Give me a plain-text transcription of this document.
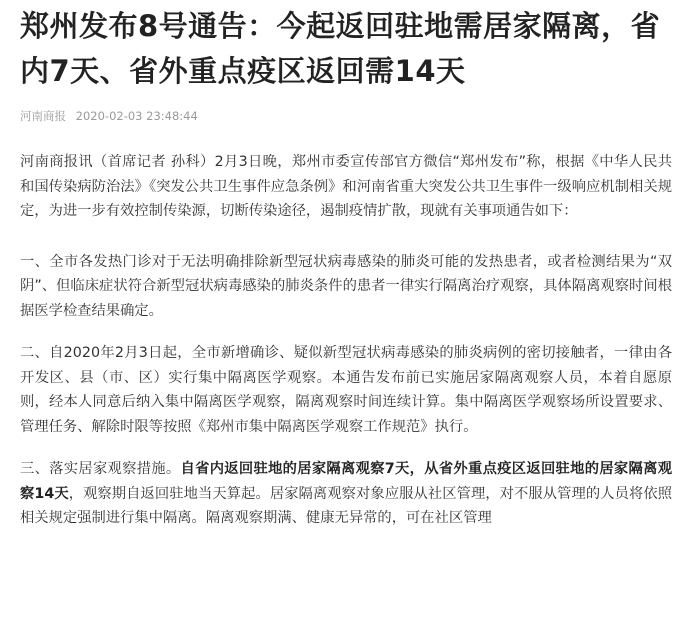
郑州发布8号通告：今起返回驻地需居家隔离，省内7天、省外重点疫区返回需14天
河南商报 2020-02-03 23:48:44

河南商报讯（首席记者 孙科）2月3日晚，郑州市委宣传部官方微信“郑州发布”称，根据《中华人民共和国传染病防治法》《突发公共卫生事件应急条例》和河南省重大突发公共卫生事件一级响应机制相关规定，为进一步有效控制传染源，切断传染途径，遏制疫情扩散，现就有关事项通告如下：

一、全市各发热门诊对于无法明确排除新型冠状病毒感染的肺炎可能的发热患者，或者检测结果为“双阴”、但临床症状符合新型冠状病毒感染的肺炎条件的患者一律实行隔离治疗观察，具体隔离观察时间根据医学检查结果确定。

二、自2020年2月3日起，全市新增确诊、疑似新型冠状病毒感染的肺炎病例的密切接触者，一律由各开发区、县（市、区）实行集中隔离医学观察。本通告发布前已实施居家隔离观察人员，本着自愿原则，经本人同意后纳入集中隔离医学观察，隔离观察时间连续计算。集中隔离医学观察场所设置要求、管理任务、解除时限等按照《郑州市集中隔离医学观察工作规范》执行。

三、落实居家观察措施。自省内返回驻地的居家隔离观察7天，从省外重点疫区返回驻地的居家隔离观察14天，观察期自返回驻地当天算起。居家隔离观察对象应服从社区管理，对不服从管理的人员将依照相关规定强制进行集中隔离。隔离观察期满、健康无异常的，可在社区管理
